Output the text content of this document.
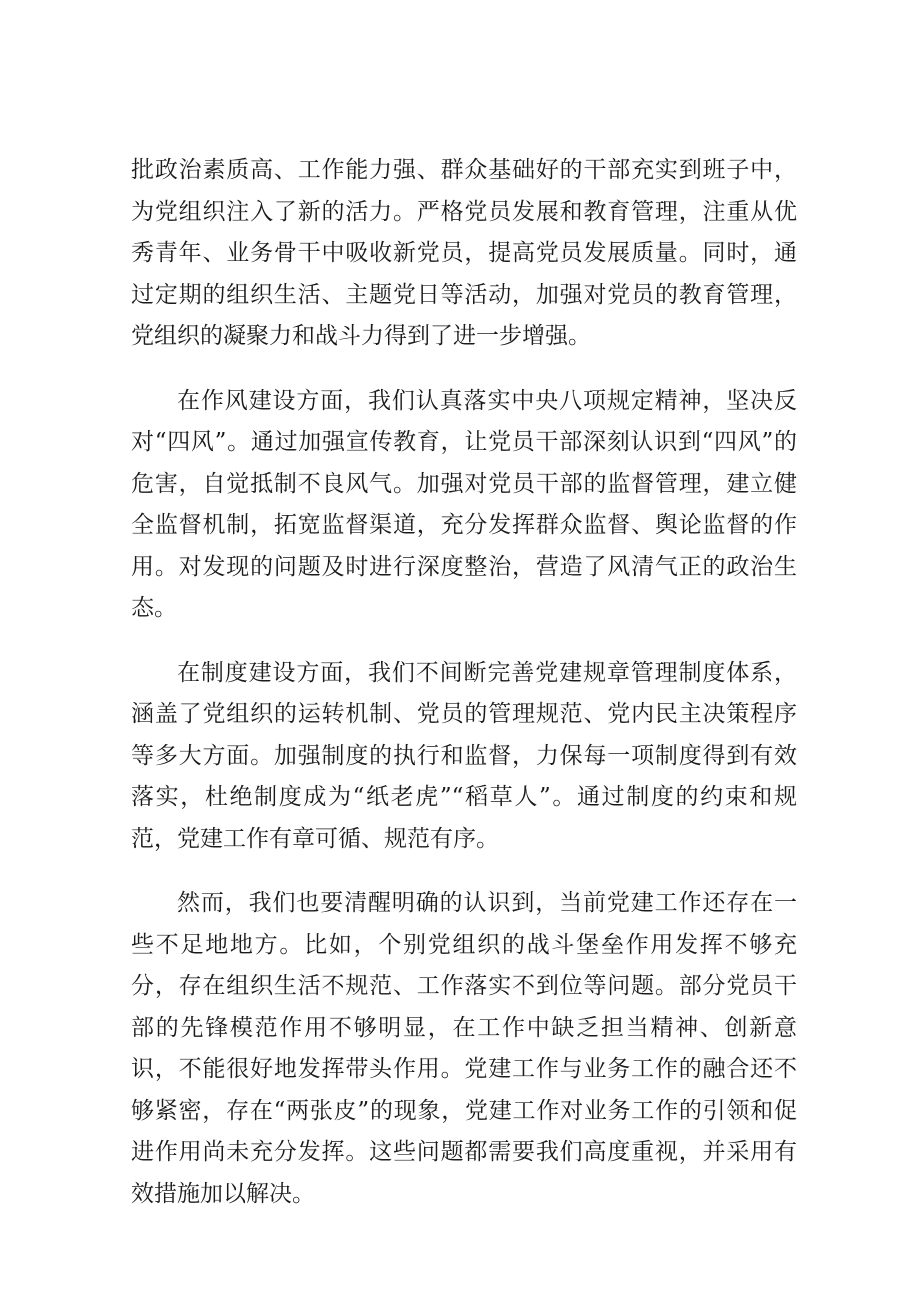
批政治素质高、工作能力强、群众基础好的干部充实到班子中，为党组织注入了新的活力。严格党员发展和教育管理，注重从优秀青年、业务骨干中吸收新党员，提高党员发展质量。同时，通过定期的组织生活、主题党日等活动，加强对党员的教育管理，党组织的凝聚力和战斗力得到了进一步增强。

在作风建设方面，我们认真落实中央八项规定精神，坚决反对“四风”。通过加强宣传教育，让党员干部深刻认识到“四风”的危害，自觉抵制不良风气。加强对党员干部的监督管理，建立健全监督机制，拓宽监督渠道，充分发挥群众监督、舆论监督的作用。对发现的问题及时进行深度整治，营造了风清气正的政治生态。

在制度建设方面，我们不间断完善党建规章管理制度体系，涵盖了党组织的运转机制、党员的管理规范、党内民主决策程序等多大方面。加强制度的执行和监督，力保每一项制度得到有效落实，杜绝制度成为“纸老虎”“稻草人”。通过制度的约束和规范，党建工作有章可循、规范有序。

然而，我们也要清醒明确的认识到，当前党建工作还存在一些不足地地方。比如，个别党组织的战斗堡垒作用发挥不够充分，存在组织生活不规范、工作落实不到位等问题。部分党员干部的先锋模范作用不够明显，在工作中缺乏担当精神、创新意识，不能很好地发挥带头作用。党建工作与业务工作的融合还不够紧密，存在“两张皮”的现象，党建工作对业务工作的引领和促进作用尚未充分发挥。这些问题都需要我们高度重视，并采用有效措施加以解决。
